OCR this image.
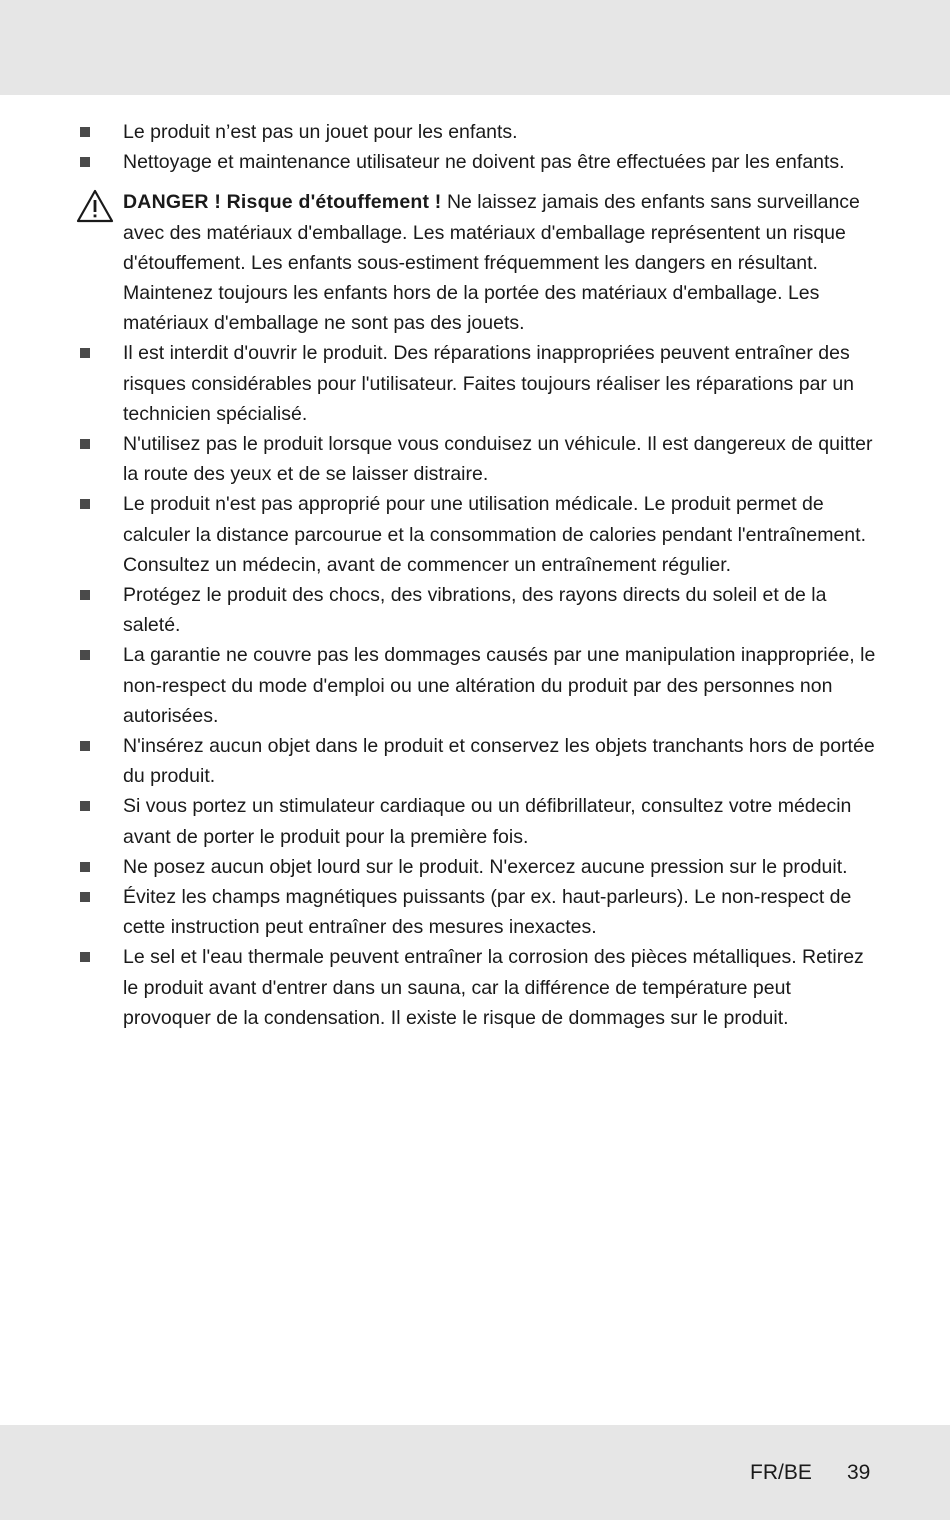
Le produit n’est pas un jouet pour les enfants.
Nettoyage et maintenance utilisateur ne doivent pas être effectuées par les enfants.
DANGER ! Risque d'étouffement ! Ne laissez jamais des enfants sans surveillance avec des matériaux d'emballage. Les matériaux d'emballage représentent un risque d'étouffement. Les enfants sous-estiment fréquemment les dangers en résultant. Maintenez toujours les enfants hors de la portée des matériaux d'emballage. Les matériaux d'emballage ne sont pas des jouets.
Il est interdit d'ouvrir le produit. Des réparations inappropriées peuvent entraîner des risques considérables pour l'utilisateur. Faites toujours réaliser les réparations par un technicien spécialisé.
N'utilisez pas le produit lorsque vous conduisez un véhicule. Il est dangereux de quitter la route des yeux et de se laisser distraire.
Le produit n'est pas approprié pour une utilisation médicale. Le produit permet de calculer la distance parcourue et la consommation de calories pendant l'entraînement. Consultez un médecin, avant de commencer un entraînement régulier.
Protégez le produit des chocs, des vibrations, des rayons directs du soleil et de la saleté.
La garantie ne couvre pas les dommages causés par une manipulation inappropriée, le non-respect du mode d'emploi ou une altération du produit par des personnes non autorisées.
N'insérez aucun objet dans le produit et conservez les objets tranchants hors de portée du produit.
Si vous portez un stimulateur cardiaque ou un défibrillateur, consultez votre médecin avant de porter le produit pour la première fois.
Ne posez aucun objet lourd sur le produit. N'exercez aucune pression sur le produit.
Évitez les champs magnétiques puissants (par ex. haut-parleurs). Le non-respect de cette instruction peut entraîner des mesures inexactes.
Le sel et l'eau thermale peuvent entraîner la corrosion des pièces métalliques. Retirez le produit avant d'entrer dans un sauna, car la différence de température peut provoquer de la condensation. Il existe le risque de dommages sur le produit.
FR/BE 39
